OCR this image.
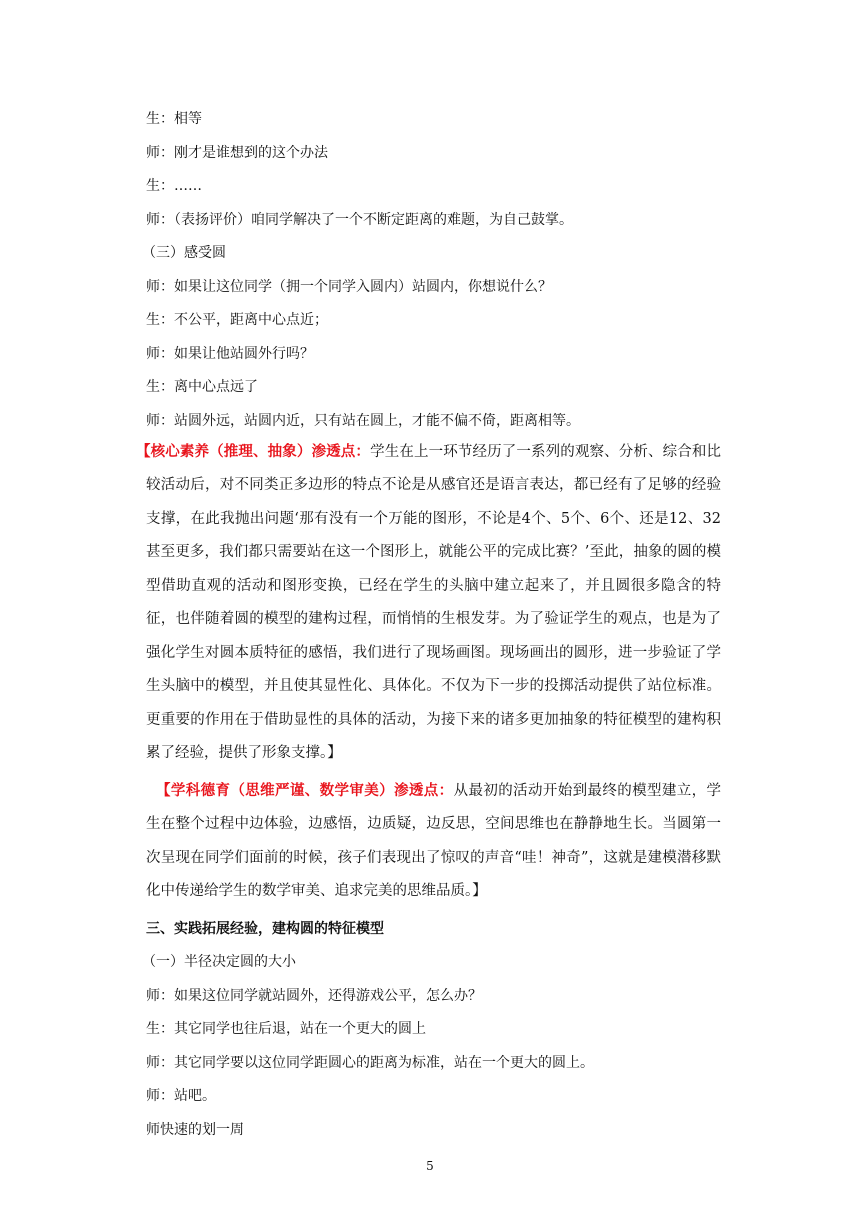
生：相等
师：刚才是谁想到的这个办法
生：……
师：（表扬评价）咱同学解决了一个不断定距离的难题，为自己鼓掌。
（三）感受圆
师：如果让这位同学（拥一个同学入圆内）站圆内，你想说什么？
生：不公平，距离中心点近；
师：如果让他站圆外行吗？
生：离中心点远了
师：站圆外远，站圆内近，只有站在圆上，才能不偏不倚，距离相等。

【核心素养（推理、抽象）渗透点：学生在上一环节经历了一系列的观察、分析、综合和比较活动后，对不同类正多边形的特点不论是从感官还是语言表达，都已经有了足够的经验支撑，在此我抛出问题‘那有没有一个万能的图形，不论是4个、5个、6个、还是12、32甚至更多，我们都只需要站在这一个图形上，就能公平的完成比赛？’至此，抽象的圆的模型借助直观的活动和图形变换，已经在学生的头脑中建立起来了，并且圆很多隐含的特征，也伴随着圆的模型的建构过程，而悄悄的生根发芽。为了验证学生的观点，也是为了强化学生对圆本质特征的感悟，我们进行了现场画图。现场画出的圆形，进一步验证了学生头脑中的模型，并且使其显性化、具体化。不仅为下一步的投掷活动提供了站位标准。更重要的作用在于借助显性的具体的活动，为接下来的诸多更加抽象的特征模型的建构积累了经验，提供了形象支撑。】

【学科德育（思维严谨、数学审美）渗透点：从最初的活动开始到最终的模型建立，学生在整个过程中边体验，边感悟，边质疑，边反思，空间思维也在静静地生长。当圆第一次呈现在同学们面前的时候，孩子们表现出了惊叹的声音“哇！神奇”，这就是建模潜移默化中传递给学生的数学审美、追求完美的思维品质。】

三、实践拓展经验，建构圆的特征模型
（一）半径决定圆的大小
师：如果这位同学就站圆外，还得游戏公平，怎么办？
生：其它同学也往后退，站在一个更大的圆上
师：其它同学要以这位同学距圆心的距离为标准，站在一个更大的圆上。
师：站吧。
师快速的划一周
5
